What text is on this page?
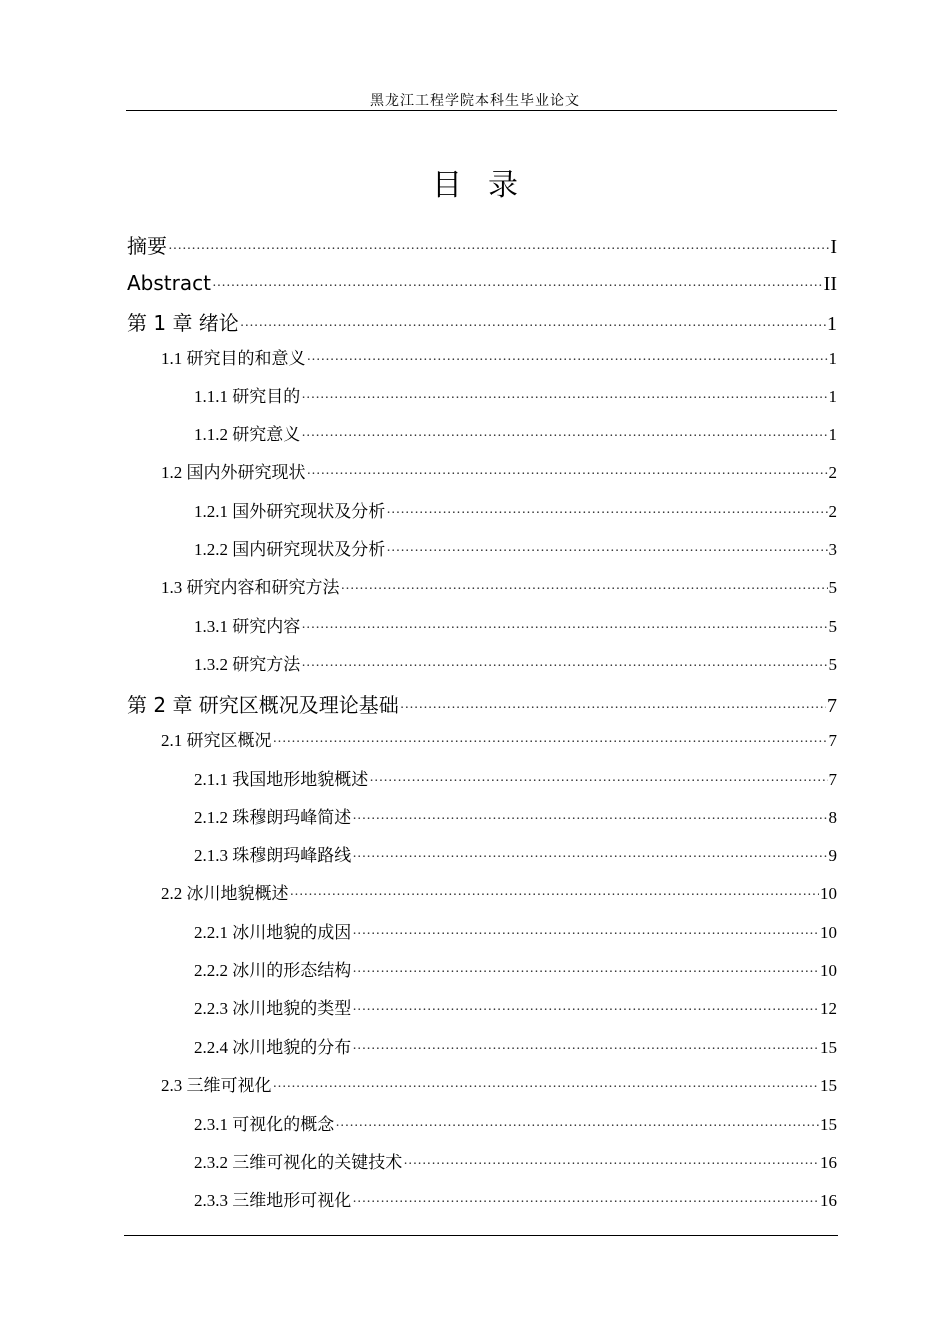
黑龙江工程学院本科生毕业论文
目录
摘要 ·····	I
Abstract ·····	II
第 1 章 绪论 ·····	1
1.1 研究目的和意义 ·····	1
1.1.1 研究目的 ·····	1
1.1.2 研究意义 ·····	1
1.2 国内外研究现状 ·····	2
1.2.1 国外研究现状及分析 ·····	2
1.2.2 国内研究现状及分析 ·····	3
1.3 研究内容和研究方法 ·····	5
1.3.1 研究内容 ·····	5
1.3.2 研究方法 ·····	5
第 2 章 研究区概况及理论基础 ·····	7
2.1 研究区概况 ·····	7
2.1.1 我国地形地貌概述 ·····	7
2.1.2 珠穆朗玛峰简述 ·····	8
2.1.3 珠穆朗玛峰路线 ·····	9
2.2 冰川地貌概述 ·····	10
2.2.1 冰川地貌的成因 ·····	10
2.2.2 冰川的形态结构 ·····	10
2.2.3 冰川地貌的类型 ·····	12
2.2.4 冰川地貌的分布 ·····	15
2.3 三维可视化 ·····	15
2.3.1 可视化的概念 ·····	15
2.3.2 三维可视化的关键技术 ·····	16
2.3.3 三维地形可视化 ·····	16
